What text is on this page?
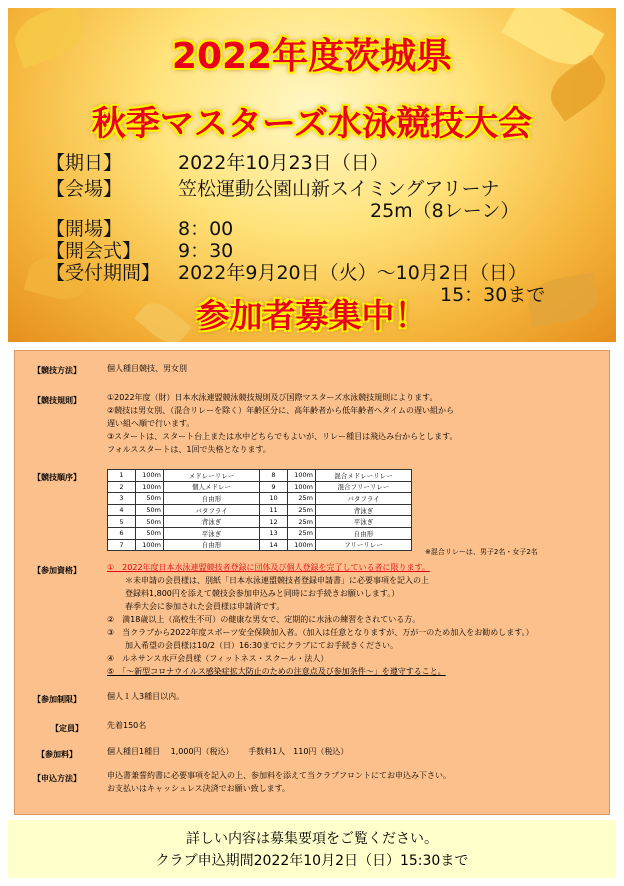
2022年度茨城県
秋季マスターズ水泳競技大会
【期日】	2022年10月23日（日）
【会場】	笠松運動公園山新スイミングアリーナ
25m（8レーン）
【開場】	8：00
【開会式】 9：30
【受付期間】 2022年9月20日（火）～10月2日（日）
15：30まで
参加者募集中！
【競技方法】	個人種目競技、男女別
【競技規則】	①2022年度（財）日本水泳連盟競泳競技規則及び国際マスターズ水泳競技規則によります。
②競技は男女別、（混合リレーを除く）年齢区分に、高年齢者から低年齢者へタイムの遅い組から
遅い組へ順で行います。
③スタートは、スタート台上または水中どちらでもよいが、リレー種目は飛込み台からとします。
フォルススタートは、1回で失格となります。
【競技順序】	1	100m	メドレーリレー	8	100m	混合メドレーリレー
2	100m	個人メドレー	9	100m	混合フリーリレー
3	50m	自由形	10	25m	バタフライ
4	50m	バタフライ	11	25m	背泳ぎ
5	50m	背泳ぎ	12	25m	平泳ぎ
6	50m	平泳ぎ	13	25m	自由形
7	100m	自由形	14	100m	フリーリレー
※混合リレーは、男子2名・女子2名
【参加資格】	①　2022年度日本水泳連盟競技者登録に団体及び個人登録を完了している者に限ります。
＊未申請の会員様は、別紙「日本水泳連盟競技者登録申請書」に必要事項を記入の上
登録料1,800円を添えて競技会参加申込みと同時にお手続きお願いします。）
春季大会に参加された会員様は申請済です。
②　満18歳以上（高校生不可）の健康な男女で、定期的に水泳の練習をされている方。
③　当クラブから2022年度スポーツ安全保険加入者。（加入は任意となりますが、万が一のため加入をお勧めします。）
加入希望の会員様は10/2（日）16:30までにクラブにてお手続きください。
④　ルネサンス水戸会員様（フィットネス・スクール・法人）
⑤　「～新型コロナウイルス感染症拡大防止のための注意点及び参加条件～」を遵守すること。
【参加制限】	個人１人3種目以内。
【定員】	先着150名
【参加料】	個人種目1種目　 1,000円（税込）　　 手数料1人　110円（税込）
【申込方法】	申込書兼誓約書に必要事項を記入の上、参加料を添えて当クラブフロントにてお申込み下さい。
お支払いはキャッシュレス決済でお願い致します。
詳しい内容は募集要項をご覧ください。
クラブ申込期間2022年10月2日（日）15:30まで
